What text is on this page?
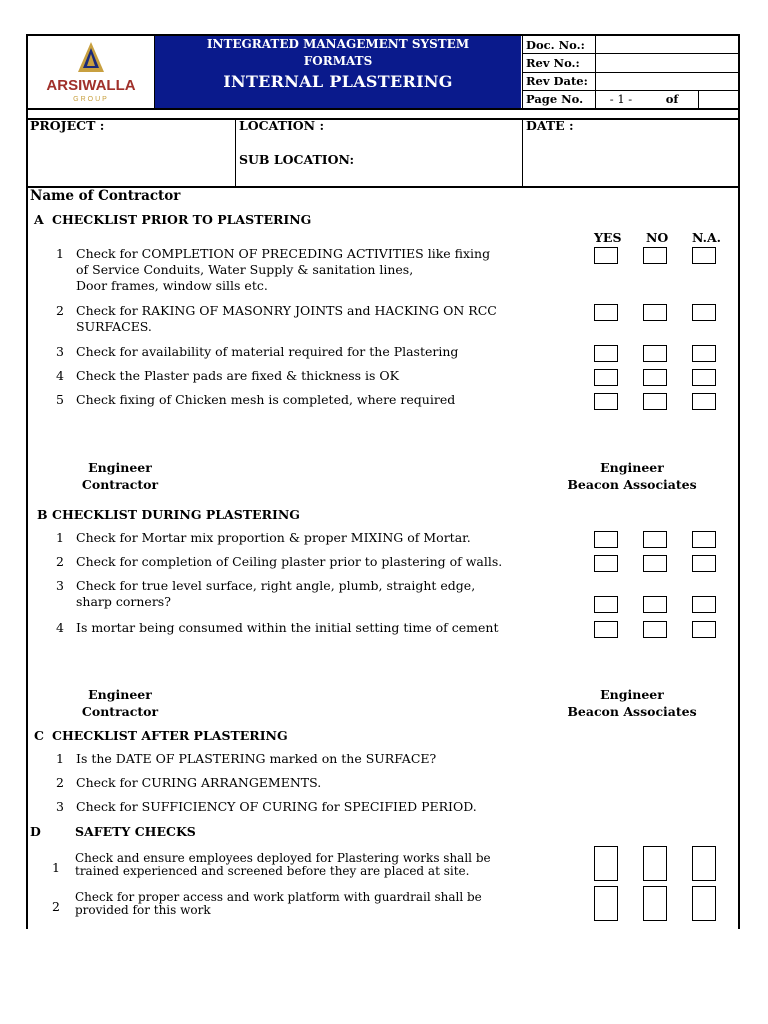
ARSIWALLA
GROUP
INTEGRATED MANAGEMENT SYSTEM
FORMATS
INTERNAL PLASTERING
Doc. No.:			
Rev No.:			
Rev Date:			
Page No.	- 1 -	of	
PROJECT :	LOCATION :
SUB LOCATION:
DATE :
Name of Contractor
A CHECKLIST PRIOR TO PLASTERING
YES NO N.A.
1 Check for COMPLETION OF PRECEDING ACTIVITIES like fixing
of Service Conduits, Water Supply & sanitation lines,
Door frames, window sills etc.
2 Check for RAKING OF MASONRY JOINTS and HACKING ON RCC
SURFACES.
3 Check for availability of material required for the Plastering
4 Check the Plaster pads are fixed & thickness is OK
5 Check fixing of Chicken mesh is completed, where required
Engineer
Contractor
Engineer
Beacon Associates
B CHECKLIST DURING PLASTERING
1 Check for Mortar mix proportion & proper MIXING of Mortar.
2 Check for completion of Ceiling plaster prior to plastering of walls.
3 Check for true level surface, right angle, plumb, straight edge,
sharp corners?
4 Is mortar being consumed within the initial setting time of cement
Engineer
Contractor
Engineer
Beacon Associates
C CHECKLIST AFTER PLASTERING
1 Is the DATE OF PLASTERING marked on the SURFACE?
2 Check for CURING ARRANGEMENTS.
3 Check for SUFFICIENCY OF CURING for SPECIFIED PERIOD.
D	SAFETY CHECKS
1
Check and ensure employees deployed for Plastering works shall be
trained experienced and screened before they are placed at site.
2
Check for proper access and work platform with guardrail shall be
provided for this work
